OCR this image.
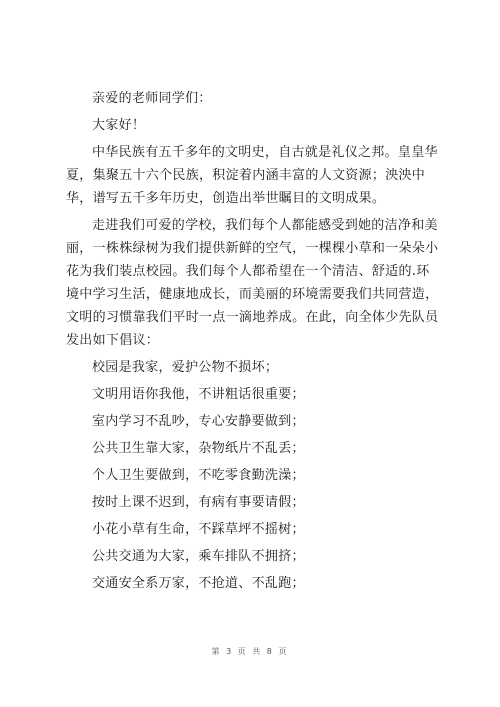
亲爱的老师同学们：
大家好！
中华民族有五千多年的文明史，自古就是礼仪之邦。皇皇华
夏，集聚五十六个民族，积淀着内涵丰富的人文资源；泱泱中
华，谱写五千多年历史，创造出举世瞩目的文明成果。
走进我们可爱的学校，我们每个人都能感受到她的洁净和美
丽，一株株绿树为我们提供新鲜的空气，一棵棵小草和一朵朵小
花为我们装点校园。我们每个人都希望在一个清洁、舒适的.环
境中学习生活，健康地成长，而美丽的环境需要我们共同营造，
文明的习惯靠我们平时一点一滴地养成。在此，向全体少先队员
发出如下倡议：
校园是我家，爱护公物不损坏；
文明用语你我他，不讲粗话很重要；
室内学习不乱吵，专心安静要做到；
公共卫生靠大家，杂物纸片不乱丢；
个人卫生要做到，不吃零食勤洗澡；
按时上课不迟到，有病有事要请假；
小花小草有生命，不踩草坪不摇树；
公共交通为大家，乘车排队不拥挤；
交通安全系万家，不抢道、不乱跑；
第 3 页 共 8 页
